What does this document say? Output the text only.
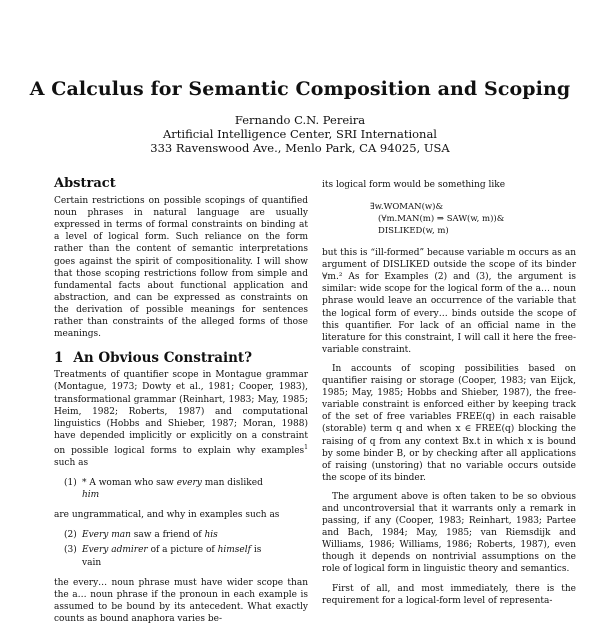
A Calculus for Semantic Composition and Scoping
Fernando C.N. Pereira
Artificial Intelligence Center, SRI International
333 Ravenswood Ave., Menlo Park, CA 94025, USA
Abstract

Certain restrictions on possible scopings of quantified noun phrases in natural language are usually expressed in terms of formal constraints on binding at a level of logical form. Such reliance on the form rather than the content of semantic interpretations goes against the spirit of compositionality. I will show that those scoping restrictions follow from simple and fundamental facts about functional application and abstraction, and can be expressed as constraints on the derivation of possible meanings for sentences rather than constraints of the alleged forms of those meanings.

1 An Obvious Constraint?

Treatments of quantifier scope in Montague grammar (Montague, 1973; Dowty et al., 1981; Cooper, 1983), transformational grammar (Reinhart, 1983; May, 1985; Heim, 1982; Roberts, 1987) and computational linguistics (Hobbs and Shieber, 1987; Moran, 1988) have depended implicitly or explicitly on a constraint on possible logical forms to explain why examples$^1$ such as

(1) * A woman who saw every man disliked
him

are ungrammatical, and why in examples such as

(2) Every man saw a friend of his
(3) Every admirer of a picture of himself is
vain

the every… noun phrase must have wider scope than the a… noun phrase if the pronoun in each example is assumed to be bound by its antecedent. What exactly counts as bound anaphora varies be-

its logical form would be something like

∃w.WOMAN(w)&
(∀m.MAN(m) ⇒ SAW(w, m))&
DISLIKED(w, m)

but this is “ill-formed” because variable m occurs as an argument of DISLIKED outside the scope of its binder ∀m.² As for Examples (2) and (3), the argument is similar: wide scope for the logical form of the a… noun phrase would leave an occurrence of the variable that the logical form of every… binds outside the scope of this quantifier. For lack of an official name in the literature for this constraint, I will call it here the free-variable constraint.

In accounts of scoping possibilities based on quantifier raising or storage (Cooper, 1983; van Eijck, 1985; May, 1985; Hobbs and Shieber, 1987), the free-variable constraint is enforced either by keeping track of the set of free variables FREE(q) in each raisable (storable) term q and when x ∈ FREE(q) blocking the raising of q from any context Bx.t in which x is bound by some binder B, or by checking after all applications of raising (unstoring) that no variable occurs outside the scope of its binder.

The argument above is often taken to be so obvious and uncontroversial that it warrants only a remark in passing, if any (Cooper, 1983; Reinhart, 1983; Partee and Bach, 1984; May, 1985; van Riemsdijk and Williams, 1986; Williams, 1986; Roberts, 1987), even though it depends on nontrivial assumptions on the role of logical form in linguistic theory and semantics.

First of all, and most immediately, there is the requirement for a logical-form level of representa-
